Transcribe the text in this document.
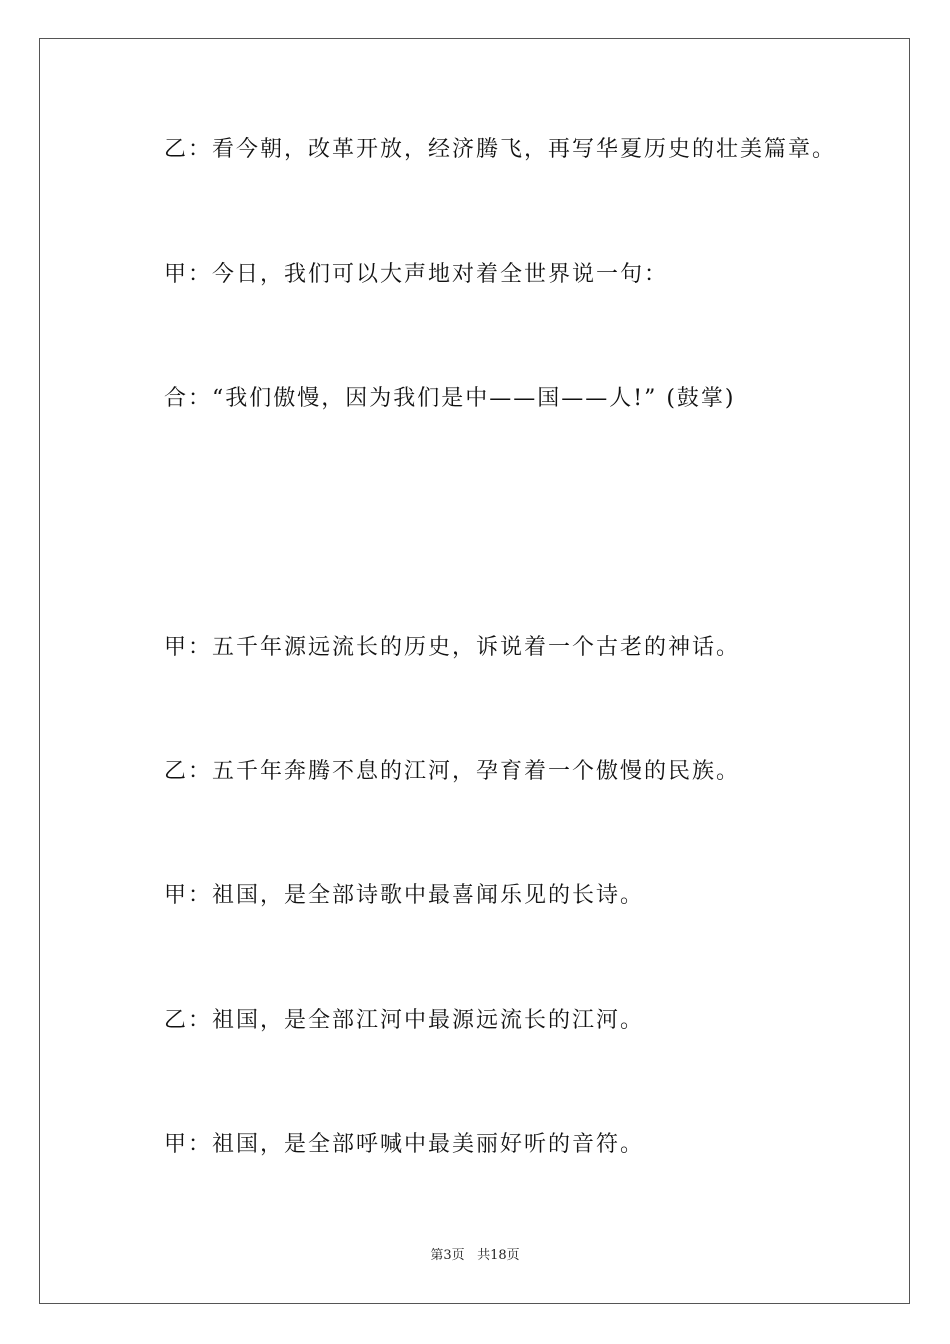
乙：看今朝，改革开放，经济腾飞，再写华夏历史的壮美篇章。
甲：今日，我们可以大声地对着全世界说一句：
合：“我们傲慢，因为我们是中——国——人!” (鼓掌)
甲：五千年源远流长的历史，诉说着一个古老的神话。
乙：五千年奔腾不息的江河，孕育着一个傲慢的民族。
甲：祖国，是全部诗歌中最喜闻乐见的长诗。
乙：祖国，是全部江河中最源远流长的江河。
甲：祖国，是全部呼喊中最美丽好听的音符。
第3页 共18页
